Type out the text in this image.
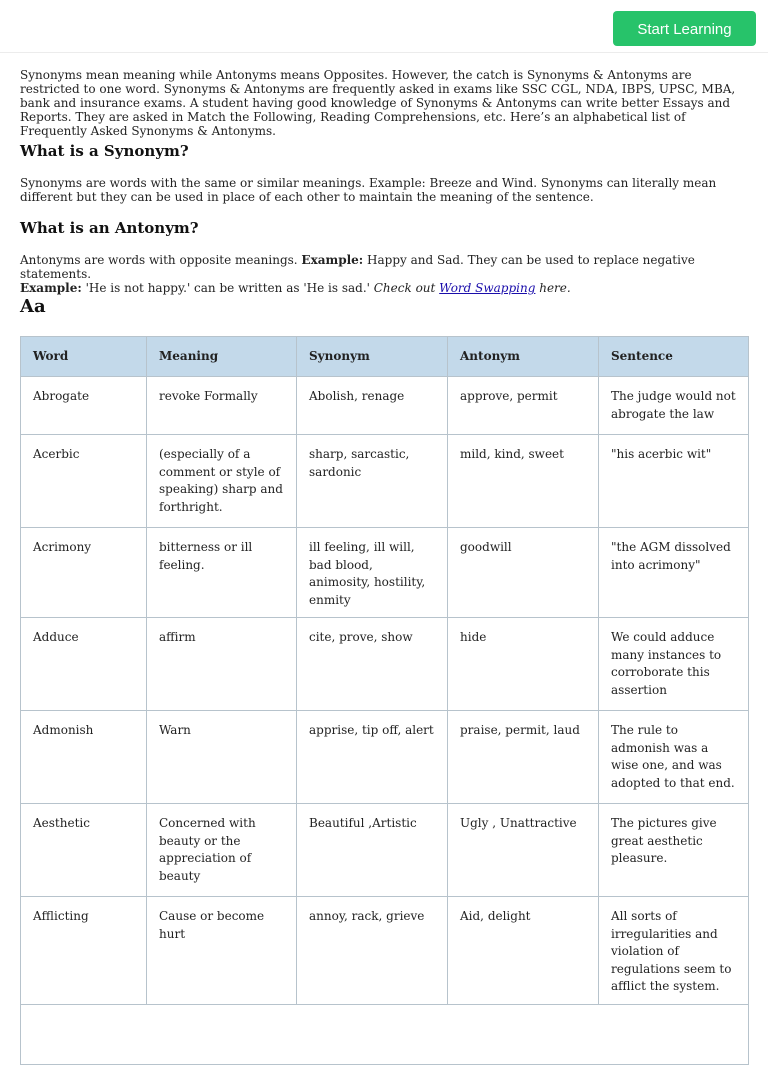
Start Learning

Synonyms mean meaning while Antonyms means Opposites. However, the catch is Synonyms & Antonyms are restricted to one word. Synonyms & Antonyms are frequently asked in exams like SSC CGL, NDA, IBPS, UPSC, MBA, bank and insurance exams. A student having good knowledge of Synonyms & Antonyms can write better Essays and Reports. They are asked in Match the Following, Reading Comprehensions, etc. Here’s an alphabetical list of Frequently Asked Synonyms & Antonyms.

What is a Synonym?

Synonyms are words with the same or similar meanings. Example: Breeze and Wind. Synonyms can literally mean different but they can be used in place of each other to maintain the meaning of the sentence.

What is an Antonym?

Antonyms are words with opposite meanings. Example: Happy and Sad. They can be used to replace negative statements.
Example: 'He is not happy.' can be written as 'He is sad.' Check out Word Swapping here.

Aa
Word	Meaning	Synonym	Antonym	Sentence
Abrogate	revoke Formally	Abolish, renage	approve, permit	The judge would not abrogate the law
Acerbic	(especially of a comment or style of speaking) sharp and forthright.	sharp, sarcastic, sardonic	mild, kind, sweet	"his acerbic wit"
Acrimony	bitterness or ill feeling.	ill feeling, ill will, bad blood, animosity, hostility, enmity	goodwill	"the AGM dissolved into acrimony"
Adduce	affirm	cite, prove, show	hide	We could adduce many instances to corroborate this assertion
Admonish	Warn	apprise, tip off, alert	praise, permit, laud	The rule to admonish was a wise one, and was adopted to that end.
Aesthetic	Concerned with beauty or the appreciation of beauty	Beautiful ,Artistic	Ugly , Unattractive	The pictures give great aesthetic pleasure.
Afflicting	Cause or become hurt	annoy, rack, grieve	Aid, delight	All sorts of irregularities and violation of regulations seem to afflict the system.
